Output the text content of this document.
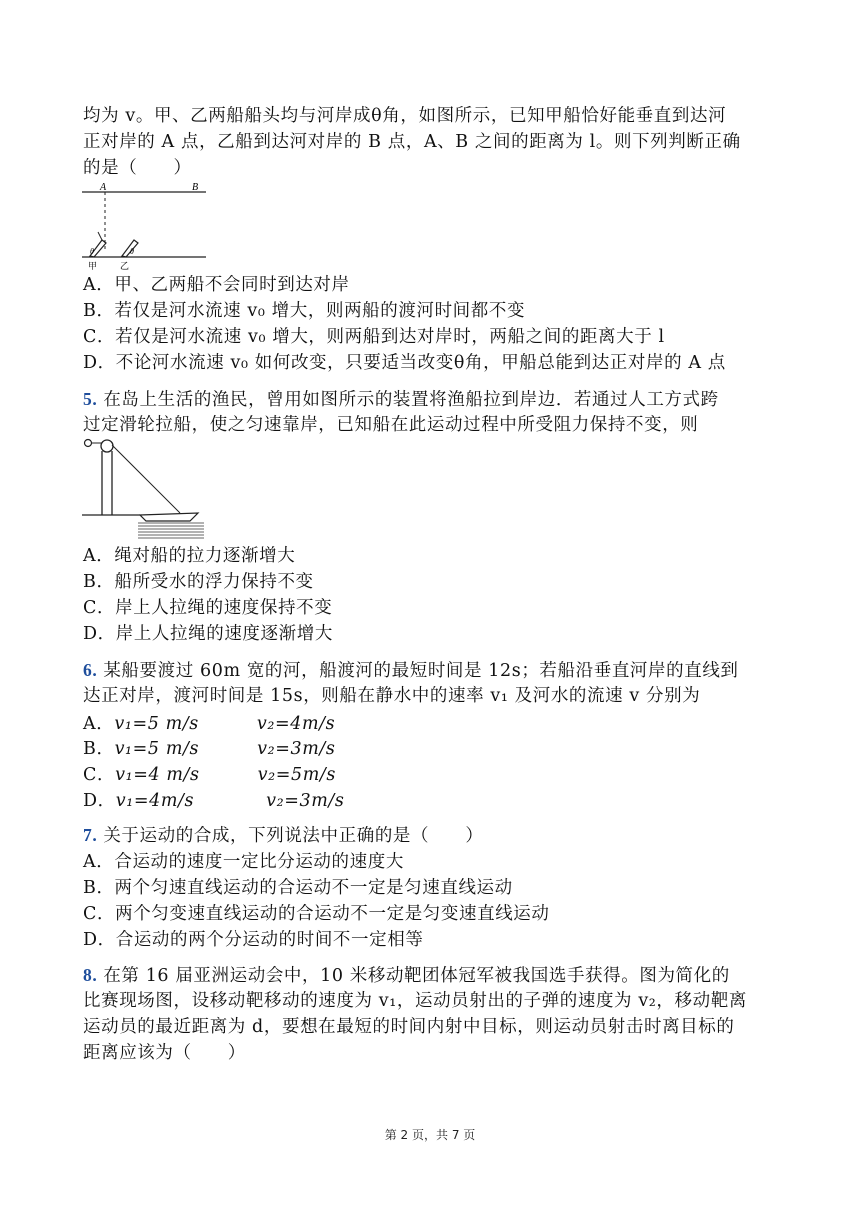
均为 v。甲、乙两船船头均与河岸成θ角，如图所示，已知甲船恰好能垂直到达河
正对岸的 A 点，乙船到达河对岸的 B 点，A、B 之间的距离为 l。则下列判断正确
的是（　　）
A	B
θ	θ
甲	乙
A．甲、乙两船不会同时到达对岸
B．若仅是河水流速 v₀ 增大，则两船的渡河时间都不变
C．若仅是河水流速 v₀ 增大，则两船到达对岸时，两船之间的距离大于 l
D．不论河水流速 v₀ 如何改变，只要适当改变θ角，甲船总能到达正对岸的 A 点
5. 在岛上生活的渔民，曾用如图所示的装置将渔船拉到岸边．若通过人工方式跨
过定滑轮拉船，使之匀速靠岸，已知船在此运动过程中所受阻力保持不变，则
A．绳对船的拉力逐渐增大
B．船所受水的浮力保持不变
C．岸上人拉绳的速度保持不变
D．岸上人拉绳的速度逐渐增大
6. 某船要渡过 60m 宽的河，船渡河的最短时间是 12s；若船沿垂直河岸的直线到
达正对岸，渡河时间是 15s，则船在静水中的速率 v₁ 及河水的流速 v 分别为
A．v₁=5 m/s	v₂=4m/s
B．v₁=5 m/s	v₂=3m/s
C．v₁=4 m/s	v₂=5m/s
D．v₁=4m/s	v₂=3m/s
7. 关于运动的合成，下列说法中正确的是（　　）
A．合运动的速度一定比分运动的速度大
B．两个匀速直线运动的合运动不一定是匀速直线运动
C．两个匀变速直线运动的合运动不一定是匀变速直线运动
D．合运动的两个分运动的时间不一定相等
8. 在第 16 届亚洲运动会中，10 米移动靶团体冠军被我国选手获得。图为简化的
比赛现场图，设移动靶移动的速度为 v₁，运动员射出的子弹的速度为 v₂，移动靶离
运动员的最近距离为 d，要想在最短的时间内射中目标，则运动员射击时离目标的
距离应该为（　　）
第 2 页，共 7 页
